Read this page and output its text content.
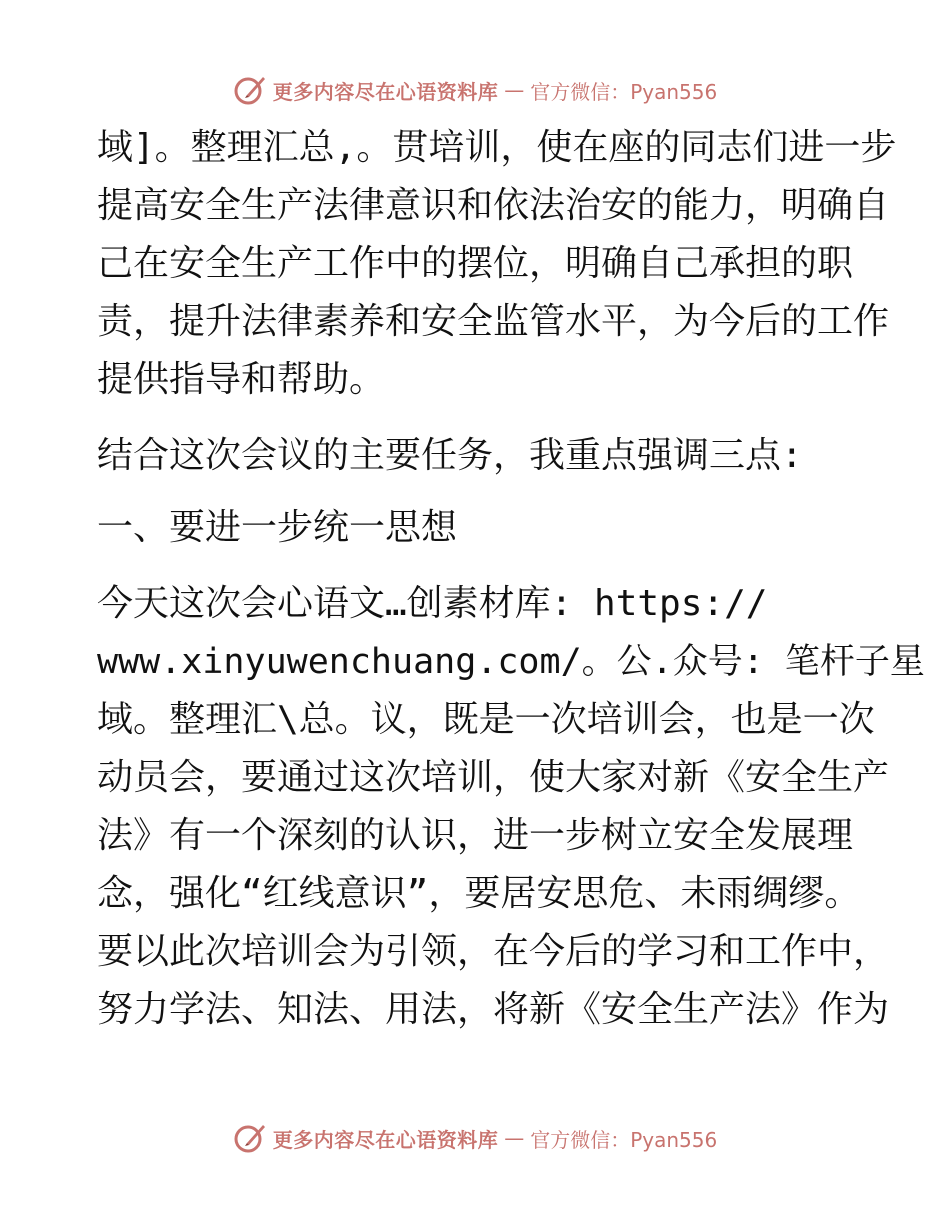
更多内容尽在心语资料库 — 官方微信：Pyan556
域]。整理汇总,。贯培训，使在座的同志们进一步
提高安全生产法律意识和依法治安的能力，明确自
己在安全生产工作中的摆位，明确自己承担的职
责，提升法律素养和安全监管水平，为今后的工作
提供指导和帮助。
结合这次会议的主要任务，我重点强调三点:
一、要进一步统一思想
今天这次会心语文…创素材库: https://
www.xinyuwenchuang.com/。公.众号: 笔杆子星
域。整理汇\总。议，既是一次培训会，也是一次
动员会，要通过这次培训，使大家对新《安全生产
法》有一个深刻的认识，进一步树立安全发展理
念，强化“红线意识”，要居安思危、未雨绸缪。
要以此次培训会为引领，在今后的学习和工作中，
努力学法、知法、用法，将新《安全生产法》作为
更多内容尽在心语资料库 — 官方微信：Pyan556
